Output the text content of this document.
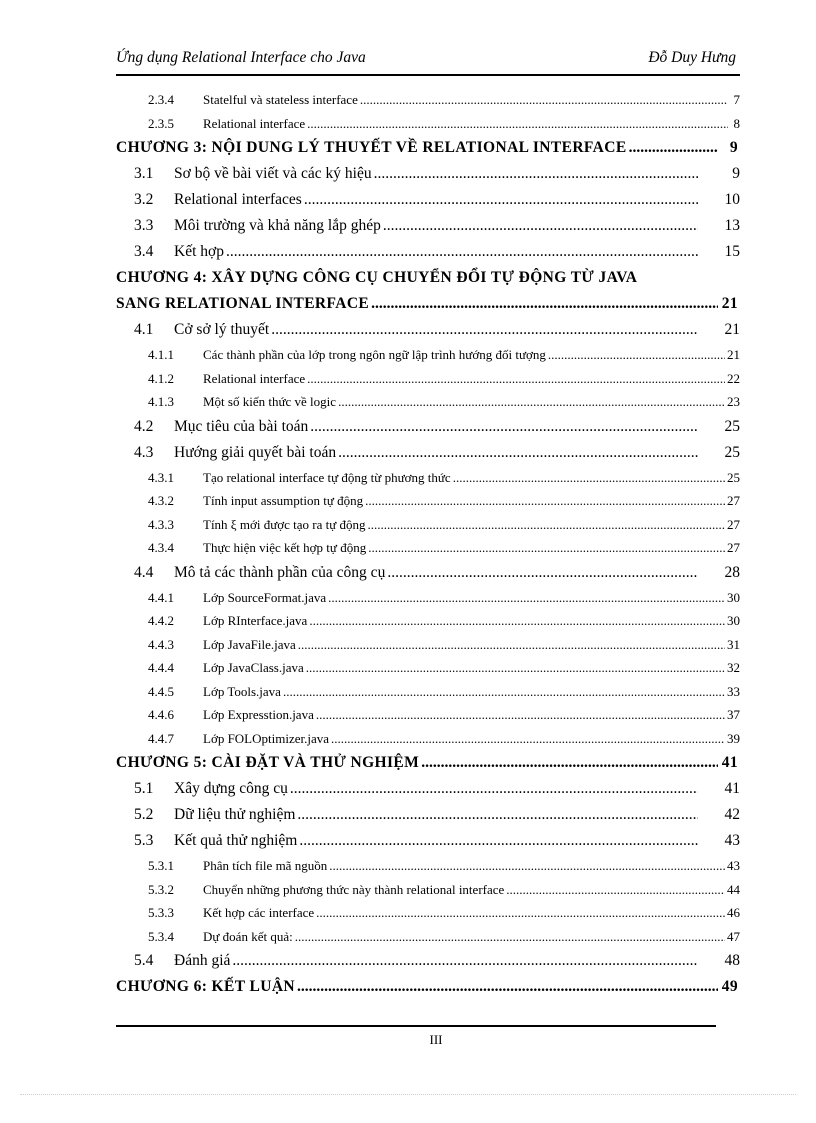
Ứng dụng Relational Interface cho Java	Đỗ Duy Hưng
2.3.4	Statelful và stateless interface .....	7
2.3.5	Relational interface .....	8
CHƯƠNG 3: NỘI DUNG LÝ THUYẾT VỀ RELATIONAL INTERFACE .....	9
3.1	Sơ bộ về bài viết và các ký hiệu .....	9
3.2	Relational interfaces .....	10
3.3	Môi trường và khả năng lắp ghép .....	13
3.4	Kết hợp .....	15
CHƯƠNG 4: XÂY DỰNG CÔNG CỤ CHUYỂN ĐỔI TỰ ĐỘNG TỪ JAVA
SANG RELATIONAL INTERFACE .....	21
4.1	Cở sở lý thuyết .....	21
4.1.1	Các thành phần của lớp trong ngôn ngữ lập trình hướng đối tượng .....	21
4.1.2	Relational interface .....	22
4.1.3	Một số kiến thức về logic .....	23
4.2	Mục tiêu của bài toán .....	25
4.3	Hướng giải quyết bài toán .....	25
4.3.1	Tạo relational interface tự động từ phương thức .....	25
4.3.2	Tính input assumption tự động .....	27
4.3.3	Tính ξ mới được tạo ra tự động .....	27
4.3.4	Thực hiện việc kết hợp tự động .....	27
4.4	Mô tả các thành phần của công cụ .....	28
4.4.1	Lớp SourceFormat.java .....	30
4.4.2	Lớp RInterface.java .....	30
4.4.3	Lớp JavaFile.java .....	31
4.4.4	Lớp JavaClass.java .....	32
4.4.5	Lớp Tools.java .....	33
4.4.6	Lớp Expresstion.java .....	37
4.4.7	Lớp FOLOptimizer.java .....	39
CHƯƠNG 5: CÀI ĐẶT VÀ THỬ NGHIỆM .....	41
5.1	Xây dựng công cụ .....	41
5.2	Dữ liệu thử nghiệm .....	42
5.3	Kết quả thử nghiệm .....	43
5.3.1	Phân tích file mã nguồn .....	43
5.3.2	Chuyển những phương thức này thành relational interface .....	44
5.3.3	Kết hợp các interface .....	46
5.3.4	Dự đoán kết quả: .....	47
5.4	Đánh giá .....	48
CHƯƠNG 6: KẾT LUẬN .....	49
III
